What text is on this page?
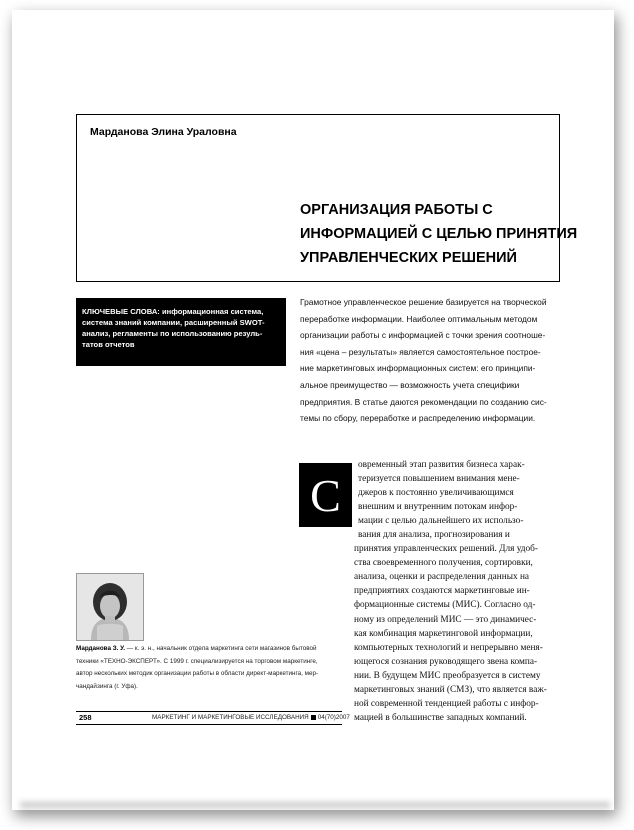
Марданова Элина Ураловна
ОРГАНИЗАЦИЯ РАБОТЫ С
ИНФОРМАЦИЕЙ С ЦЕЛЬЮ ПРИНЯТИЯ
УПРАВЛЕНЧЕСКИХ РЕШЕНИЙ
КЛЮЧЕВЫЕ СЛОВА: информационная система,
система знаний компании, расширенный SWOT-
анализ, регламенты по использованию резуль-
татов отчетов
Грамотное управленческое решение базируется на творческой
переработке информации. Наиболее оптимальным методом
организации работы с информацией с точки зрения соотноше-
ния «цена – результаты» является самостоятельное построе-
ние маркетинговых информационных систем: его принципи-
альное преимущество — возможность учета специфики
предприятия. В статье даются рекомендации по созданию сис-
темы по сбору, переработке и распределению информации.
С
овременный этап развития бизнеса харак-
теризуется повышением внимания мене-
джеров к постоянно увеличивающимся
внешним и внутренним потокам инфор-
мации с целью дальнейшего их использо-
вания для анализа, прогнозирования и
принятия управленческих решений. Для удоб-
ства своевременного получения, сортировки,
анализа, оценки и распределения данных на
предприятиях создаются маркетинговые ин-
формационные системы (МИС). Согласно од-
ному из определений МИС — это динамичес-
кая комбинация маркетинговой информации,
компьютерных технологий и непрерывно меня-
ющегося сознания руководящего звена компа-
нии. В будущем МИС преобразуется в систему
маркетинговых знаний (СМЗ), что является важ-
ной современной тенденцией работы с инфор-
мацией в большинстве западных компаний.
Марданова З. У. — к. э. н., начальник отдела маркетинга сети магазинов бытовой
техники «ТЕХНО-ЭКСПЕРТ». С 1999 г. специализируется на торговом маркетинге,
автор нескольких методик организации работы в области директ-маркетинга, мер-
чандайзинга (г. Уфа).
258	МАРКЕТИНГ И МАРКЕТИНГОВЫЕ ИССЛЕДОВАНИЯ 04(70)2007
